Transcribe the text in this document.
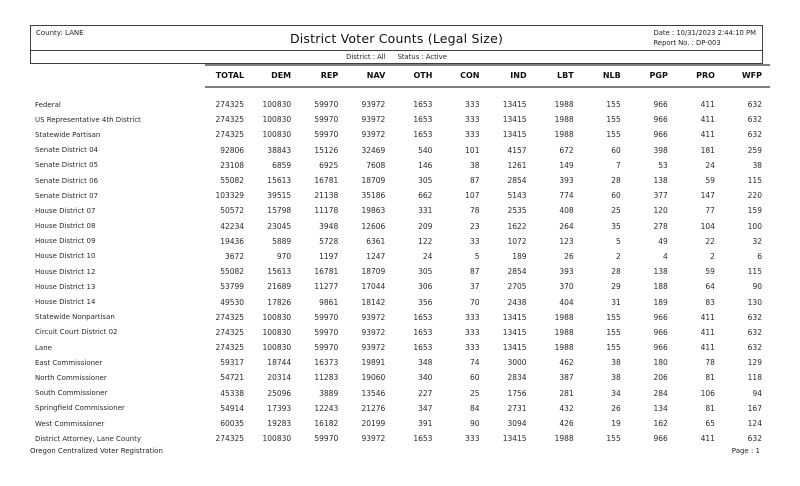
County: LANE	District Voter Counts (Legal Size)	Date : 10/31/2023 2:44:10 PM
Report No. : DP-003
District : All Status : Active
TOTAL	DEM	REP	NAV	OTH	CON	IND	LBT	NLB	PGP	PRO	WFP
Federal	274325	100830	59970	93972	1653	333	13415	1988	155	966	411	632
US Representative 4th District	274325	100830	59970	93972	1653	333	13415	1988	155	966	411	632
Statewide Partisan	274325	100830	59970	93972	1653	333	13415	1988	155	966	411	632
Senate District 04	92806	38843	15126	32469	540	101	4157	672	60	398	181	259
Senate District 05	23108	6859	6925	7608	146	38	1261	149	7	53	24	38
Senate District 06	55082	15613	16781	18709	305	87	2854	393	28	138	59	115
Senate District 07	103329	39515	21138	35186	662	107	5143	774	60	377	147	220
House District 07	50572	15798	11178	19863	331	78	2535	408	25	120	77	159
House District 08	42234	23045	3948	12606	209	23	1622	264	35	278	104	100
House District 09	19436	5889	5728	6361	122	33	1072	123	5	49	22	32
House District 10	3672	970	1197	1247	24	5	189	26	2	4	2	6
House District 12	55082	15613	16781	18709	305	87	2854	393	28	138	59	115
House District 13	53799	21689	11277	17044	306	37	2705	370	29	188	64	90
House District 14	49530	17826	9861	18142	356	70	2438	404	31	189	83	130
Statewide Nonpartisan	274325	100830	59970	93972	1653	333	13415	1988	155	966	411	632
Circuit Court District 02	274325	100830	59970	93972	1653	333	13415	1988	155	966	411	632
Lane	274325	100830	59970	93972	1653	333	13415	1988	155	966	411	632
East Commissioner	59317	18744	16373	19891	348	74	3000	462	38	180	78	129
North Commissioner	54721	20314	11283	19060	340	60	2834	387	38	206	81	118
South Commissioner	45338	25096	3889	13546	227	25	1756	281	34	284	106	94
Springfield Commissioner	54914	17393	12243	21276	347	84	2731	432	26	134	81	167
West Commissioner	60035	19283	16182	20199	391	90	3094	426	19	162	65	124
District Attorney, Lane County	274325	100830	59970	93972	1653	333	13415	1988	155	966	411	632
Oregon Centralized Voter Registration	Page : 1
